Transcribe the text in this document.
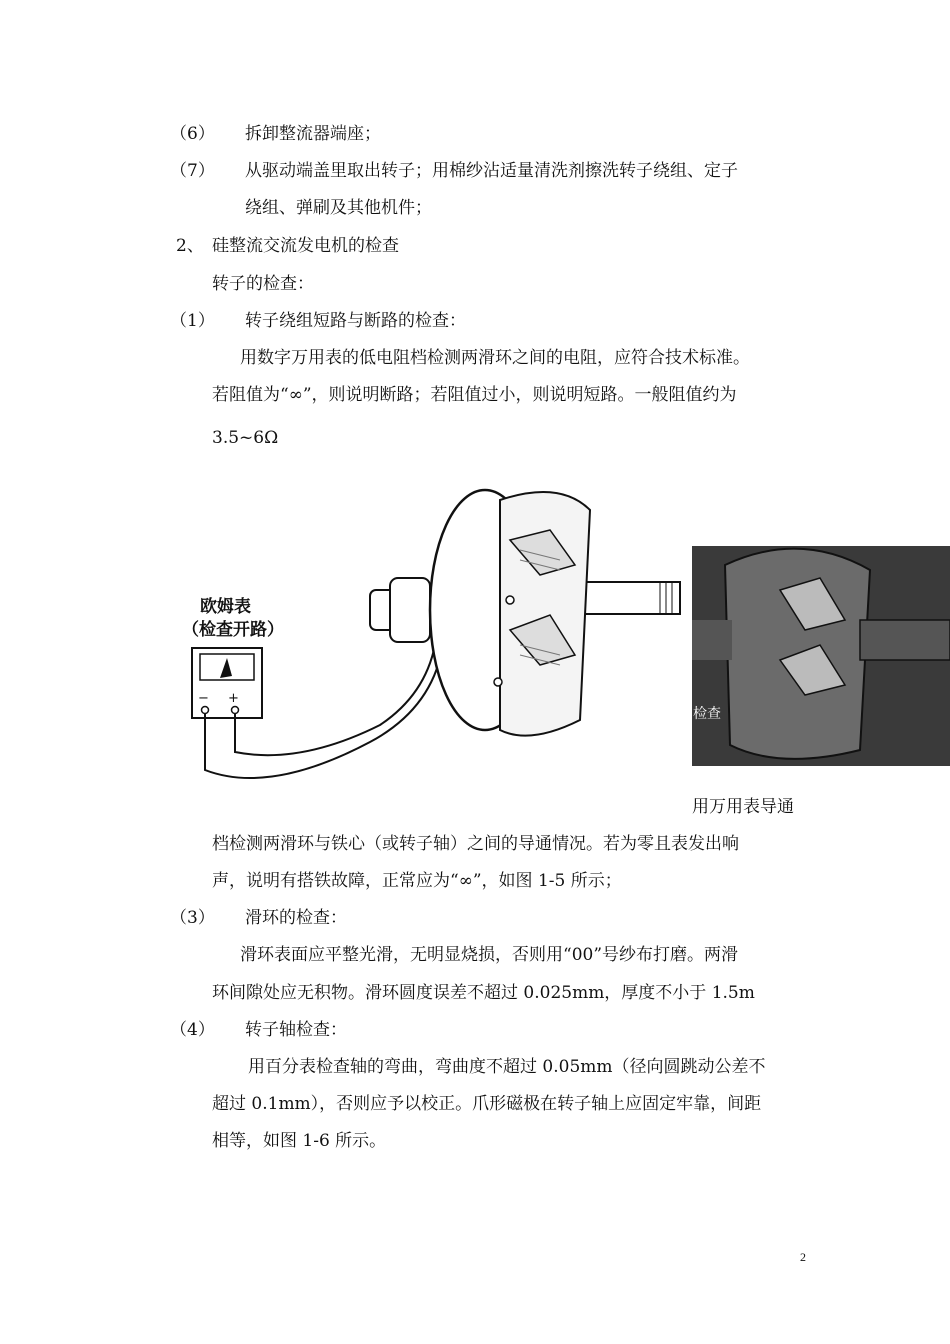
（6） 拆卸整流器端座；
（7） 从驱动端盖里取出转子；用棉纱沾适量清洗剂擦洗转子绕组、定子
绕组、弹刷及其他机件；
2、 硅整流交流发电机的检查
转子的检查：
（1） 转子绕组短路与断路的检查：
用数字万用表的低电阻档检测两滑环之间的电阻，应符合技术标准。
若阻值为“∞”，则说明断路；若阻值过小，则说明短路。一般阻值约为
3.5~6Ω
欧姆表
（检查开路）
− +
检查
用万用表导通
档检测两滑环与铁心（或转子轴）之间的导通情况。若为零且表发出响
声，说明有搭铁故障，正常应为“∞”，如图 1-5 所示；
（3） 滑环的检查：
滑环表面应平整光滑，无明显烧损，否则用“00”号纱布打磨。两滑
环间隙处应无积物。滑环圆度误差不超过 0.025mm，厚度不小于 1.5m
（4） 转子轴检查：
用百分表检查轴的弯曲，弯曲度不超过 0.05mm（径向圆跳动公差不
超过 0.1mm），否则应予以校正。爪形磁极在转子轴上应固定牢靠，间距
相等，如图 1-6 所示。
2
